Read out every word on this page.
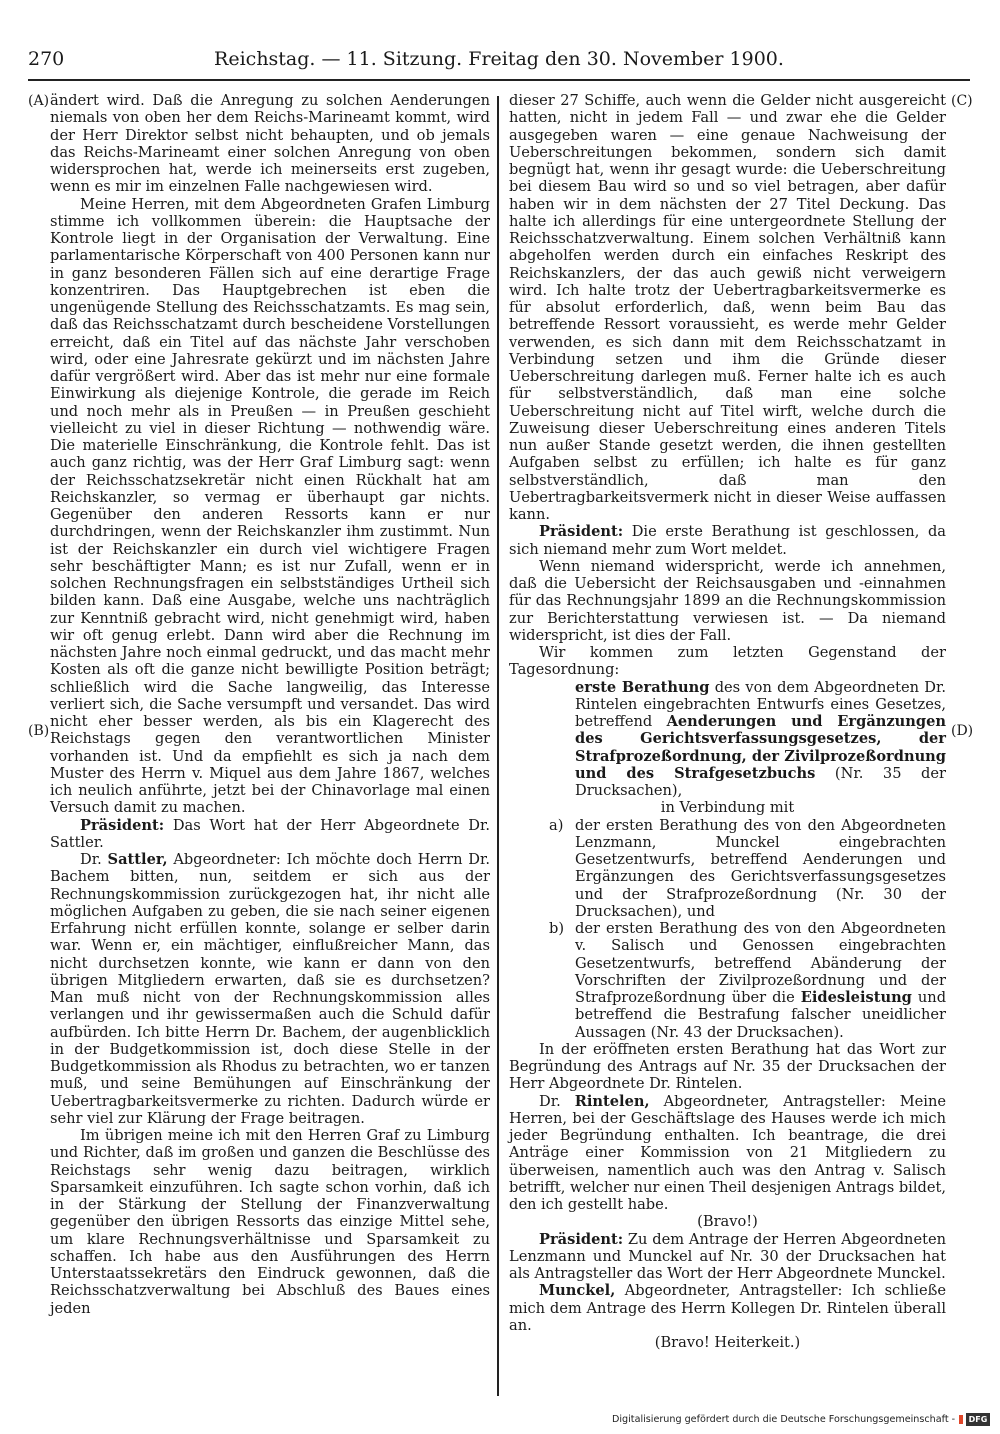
270	Reichstag. — 11. Sitzung. Freitag den 30. November 1900.
(A)
(B)
(C)
(D)

ändert wird. Daß die Anregung zu solchen Aenderungen niemals von oben her dem Reichs-Marineamt kommt, wird der Herr Direktor selbst nicht behaupten, und ob jemals das Reichs-Marineamt einer solchen Anregung von oben widersprochen hat, werde ich meinerseits erst zugeben, wenn es mir im einzelnen Falle nachgewiesen wird.

Meine Herren, mit dem Abgeordneten Grafen Limburg stimme ich vollkommen überein: die Hauptsache der Kontrole liegt in der Organisation der Verwaltung. Eine parlamentarische Körperschaft von 400 Personen kann nur in ganz besonderen Fällen sich auf eine derartige Frage konzentriren. Das Hauptgebrechen ist eben die ungenügende Stellung des Reichsschatzamts. Es mag sein, daß das Reichsschatzamt durch bescheidene Vorstellungen erreicht, daß ein Titel auf das nächste Jahr verschoben wird, oder eine Jahresrate gekürzt und im nächsten Jahre dafür vergrößert wird. Aber das ist mehr nur eine formale Einwirkung als diejenige Kontrole, die gerade im Reich und noch mehr als in Preußen — in Preußen geschieht vielleicht zu viel in dieser Richtung — nothwendig wäre. Die materielle Einschränkung, die Kontrole fehlt. Das ist auch ganz richtig, was der Herr Graf Limburg sagt: wenn der Reichsschatzsekretär nicht einen Rückhalt hat am Reichskanzler, so vermag er überhaupt gar nichts. Gegenüber den anderen Ressorts kann er nur durchdringen, wenn der Reichskanzler ihm zustimmt. Nun ist der Reichskanzler ein durch viel wichtigere Fragen sehr beschäftigter Mann; es ist nur Zufall, wenn er in solchen Rechnungsfragen ein selbstständiges Urtheil sich bilden kann. Daß eine Ausgabe, welche uns nachträglich zur Kenntniß gebracht wird, nicht genehmigt wird, haben wir oft genug erlebt. Dann wird aber die Rechnung im nächsten Jahre noch einmal gedruckt, und das macht mehr Kosten als oft die ganze nicht bewilligte Position beträgt; schließlich wird die Sache langweilig, das Interesse verliert sich, die Sache versumpft und versandet. Das wird nicht eher besser werden, als bis ein Klagerecht des Reichstags gegen den verantwortlichen Minister vorhanden ist. Und da empfiehlt es sich ja nach dem Muster des Herrn v. Miquel aus dem Jahre 1867, welches ich neulich anführte, jetzt bei der Chinavorlage mal einen Versuch damit zu machen.

Präsident: Das Wort hat der Herr Abgeordnete Dr. Sattler.

Dr. Sattler, Abgeordneter: Ich möchte doch Herrn Dr. Bachem bitten, nun, seitdem er sich aus der Rechnungskommission zurückgezogen hat, ihr nicht alle möglichen Aufgaben zu geben, die sie nach seiner eigenen Erfahrung nicht erfüllen konnte, solange er selber darin war. Wenn er, ein mächtiger, einflußreicher Mann, das nicht durchsetzen konnte, wie kann er dann von den übrigen Mitgliedern erwarten, daß sie es durchsetzen? Man muß nicht von der Rechnungskommission alles verlangen und ihr gewissermaßen auch die Schuld dafür aufbürden. Ich bitte Herrn Dr. Bachem, der augenblicklich in der Budgetkommission ist, doch diese Stelle in der Budgetkommission als Rhodus zu betrachten, wo er tanzen muß, und seine Bemühungen auf Einschränkung der Uebertragbarkeitsvermerke zu richten. Dadurch würde er sehr viel zur Klärung der Frage beitragen.

Im übrigen meine ich mit den Herren Graf zu Limburg und Richter, daß im großen und ganzen die Beschlüsse des Reichstags sehr wenig dazu beitragen, wirklich Sparsamkeit einzuführen. Ich sagte schon vorhin, daß ich in der Stärkung der Stellung der Finanzverwaltung gegenüber den übrigen Ressorts das einzige Mittel sehe, um klare Rechnungsverhältnisse und Sparsamkeit zu schaffen. Ich habe aus den Ausführungen des Herrn Unterstaatssekretärs den Eindruck gewonnen, daß die Reichsschatzverwaltung bei Abschluß des Baues eines jeden

dieser 27 Schiffe, auch wenn die Gelder nicht ausgereicht hatten, nicht in jedem Fall — und zwar ehe die Gelder ausgegeben waren — eine genaue Nachweisung der Ueberschreitungen bekommen, sondern sich damit begnügt hat, wenn ihr gesagt wurde: die Ueberschreitung bei diesem Bau wird so und so viel betragen, aber dafür haben wir in dem nächsten der 27 Titel Deckung. Das halte ich allerdings für eine untergeordnete Stellung der Reichsschatzverwaltung. Einem solchen Verhältniß kann abgeholfen werden durch ein einfaches Reskript des Reichskanzlers, der das auch gewiß nicht verweigern wird. Ich halte trotz der Uebertragbarkeitsvermerke es für absolut erforderlich, daß, wenn beim Bau das betreffende Ressort voraussieht, es werde mehr Gelder verwenden, es sich dann mit dem Reichsschatzamt in Verbindung setzen und ihm die Gründe dieser Ueberschreitung darlegen muß. Ferner halte ich es auch für selbstverständlich, daß man eine solche Ueberschreitung nicht auf Titel wirft, welche durch die Zuweisung dieser Ueberschreitung eines anderen Titels nun außer Stande gesetzt werden, die ihnen gestellten Aufgaben selbst zu erfüllen; ich halte es für ganz selbstverständlich, daß man den Uebertragbarkeitsvermerk nicht in dieser Weise auffassen kann.

Präsident: Die erste Berathung ist geschlossen, da sich niemand mehr zum Wort meldet.

Wenn niemand widerspricht, werde ich annehmen, daß die Uebersicht der Reichsausgaben und -einnahmen für das Rechnungsjahr 1899 an die Rechnungskommission zur Berichterstattung verwiesen ist. — Da niemand widerspricht, ist dies der Fall.

Wir kommen zum letzten Gegenstand der Tagesordnung:

erste Berathung des von dem Abgeordneten Dr. Rintelen eingebrachten Entwurfs eines Gesetzes, betreffend Aenderungen und Ergänzungen des Gerichtsverfassungsgesetzes, der Strafprozeßordnung, der Zivilprozeßordnung und des Strafgesetzbuchs (Nr. 35 der Drucksachen),

in Verbindung mit

a) der ersten Berathung des von den Abgeordneten Lenzmann, Munckel eingebrachten Gesetzentwurfs, betreffend Aenderungen und Ergänzungen des Gerichtsverfassungsgesetzes und der Strafprozeßordnung (Nr. 30 der Drucksachen), und

b) der ersten Berathung des von den Abgeordneten v. Salisch und Genossen eingebrachten Gesetzentwurfs, betreffend Abänderung der Vorschriften der Zivilprozeßordnung und der Strafprozeßordnung über die Eidesleistung und betreffend die Bestrafung falscher uneidlicher Aussagen (Nr. 43 der Drucksachen).

In der eröffneten ersten Berathung hat das Wort zur Begründung des Antrags auf Nr. 35 der Drucksachen der Herr Abgeordnete Dr. Rintelen.

Dr. Rintelen, Abgeordneter, Antragsteller: Meine Herren, bei der Geschäftslage des Hauses werde ich mich jeder Begründung enthalten. Ich beantrage, die drei Anträge einer Kommission von 21 Mitgliedern zu überweisen, namentlich auch was den Antrag v. Salisch betrifft, welcher nur einen Theil desjenigen Antrags bildet, den ich gestellt habe.

(Bravo!)

Präsident: Zu dem Antrage der Herren Abgeordneten Lenzmann und Munckel auf Nr. 30 der Drucksachen hat als Antragsteller das Wort der Herr Abgeordnete Munckel.

Munckel, Abgeordneter, Antragsteller: Ich schließe mich dem Antrage des Herrn Kollegen Dr. Rintelen überall an.

(Bravo! Heiterkeit.)

Digitalisierung gefördert durch die Deutsche Forschungsgemeinschaft -	DFG
